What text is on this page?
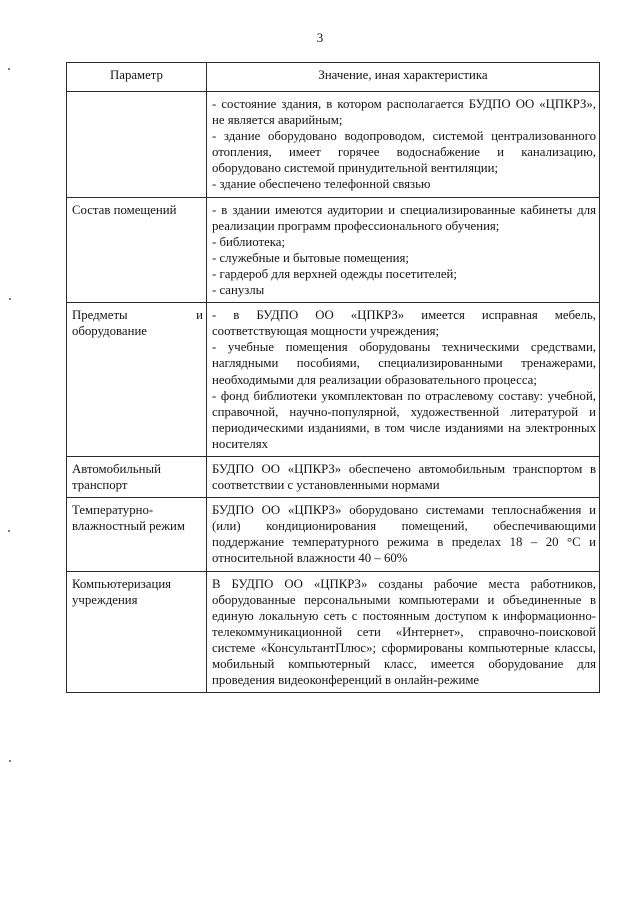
3
Параметр	Значение, иная характеристика

	- состояние здания, в котором располагается БУДПО ОО «ЦПКРЗ», не является аварийным;

- здание оборудовано водопроводом, системой централизованного отопления, имеет горячее водоснабжение и канализацию, оборудовано системой принудительной вентиляции;

- здание обеспечено телефонной связью

Состав помещений	- в здании имеются аудитории и специализированные кабинеты для реализации программ профессионального обучения;

- библиотека;

- служебные и бытовые помещения;

- гардероб для верхней одежды посетителей;

- санузлы

Предметы и оборудование	- в БУДПО ОО «ЦПКРЗ» имеется исправная мебель, соответствующая мощности учреждения;

- учебные помещения оборудованы техническими средствами, наглядными пособиями, специализированными тренажерами, необходимыми для реализации образовательного процесса;

- фонд библиотеки укомплектован по отраслевому составу: учебной, справочной, научно-популярной, художественной литературой и периодическими изданиями, в том числе изданиями на электронных носителях

Автомобильный транспорт	БУДПО ОО «ЦПКРЗ» обеспечено автомобильным транспортом в соответствии с установленными нормами

Температурно-влажностный режим	БУДПО ОО «ЦПКРЗ» оборудовано системами теплоснабжения и (или) кондиционирования помещений, обеспечивающими поддержание температурного режима в пределах 18 – 20 °С и относительной влажности 40 – 60%

Компьютеризация учреждения	В БУДПО ОО «ЦПКРЗ» созданы рабочие места работников, оборудованные персональными компьютерами и объединенные в единую локальную сеть с постоянным доступом к информационно-телекоммуникационной сети «Интернет», справочно-поисковой системе «КонсультантПлюс»; сформированы компьютерные классы, мобильный компьютерный класс, имеется оборудование для проведения видеоконференций в онлайн-режиме
